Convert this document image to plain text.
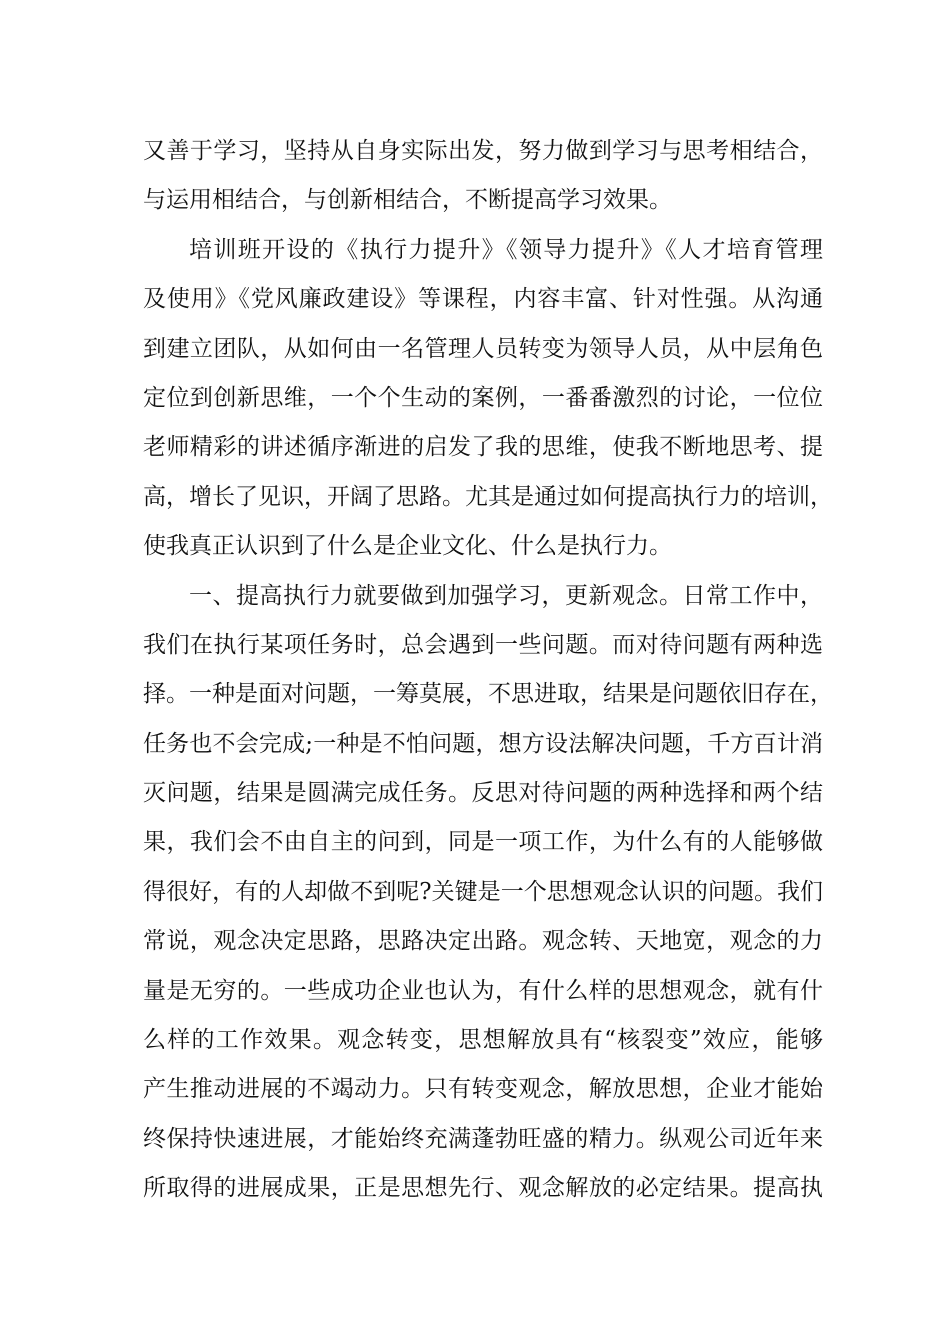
又善于学习，坚持从自身实际出发，努力做到学习与思考相结合，
与运用相结合，与创新相结合，不断提高学习效果。
培训班开设的《执行力提升》《领导力提升》《人才培育管理
及使用》《党风廉政建设》等课程，内容丰富、针对性强。从沟通
到建立团队，从如何由一名管理人员转变为领导人员，从中层角色
定位到创新思维，一个个生动的案例，一番番激烈的讨论，一位位
老师精彩的讲述循序渐进的启发了我的思维，使我不断地思考、提
高，增长了见识，开阔了思路。尤其是通过如何提高执行力的培训，
使我真正认识到了什么是企业文化、什么是执行力。
一、提高执行力就要做到加强学习，更新观念。日常工作中，
我们在执行某项任务时，总会遇到一些问题。而对待问题有两种选
择。一种是面对问题，一筹莫展，不思进取，结果是问题依旧存在，
任务也不会完成;一种是不怕问题，想方设法解决问题，千方百计消
灭问题，结果是圆满完成任务。反思对待问题的两种选择和两个结
果，我们会不由自主的问到，同是一项工作，为什么有的人能够做
得很好，有的人却做不到呢?关键是一个思想观念认识的问题。我们
常说，观念决定思路，思路决定出路。观念转、天地宽，观念的力
量是无穷的。一些成功企业也认为，有什么样的思想观念，就有什
么样的工作效果。观念转变，思想解放具有“核裂变”效应，能够
产生推动进展的不竭动力。只有转变观念，解放思想，企业才能始
终保持快速进展，才能始终充满蓬勃旺盛的精力。纵观公司近年来
所取得的进展成果，正是思想先行、观念解放的必定结果。提高执
